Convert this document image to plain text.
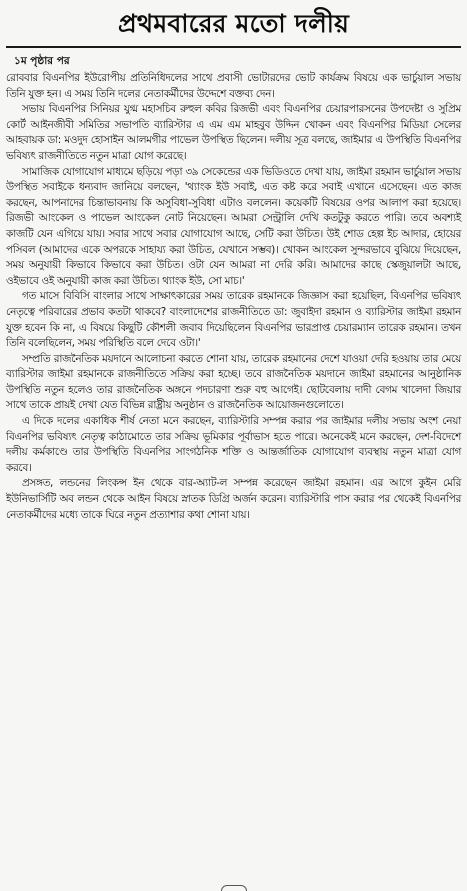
প্রথমবারের মতো দলীয়
১ম পৃষ্ঠার পর

রোববার বিএনপির ইউরোপীয় প্রতিনিধিদলের সাথে প্রবাসী ভোটারদের ভোট কার্যক্রম বিষয়ে এক ভার্চুয়াল সভায় তিনি যুক্ত হন। এ সময় তিনি দলের নেতাকর্মীদের উদ্দেশে বক্তব্য দেন।

সভায় বিএনপির সিনিয়র যুগ্ম মহাসচিব রুহুল কবির রিজভী এবং বিএনপির চেয়ারপারসনের উপদেষ্টা ও সুপ্রিম কোর্ট আইনজীবী সমিতির সভাপতি ব্যারিস্টার এ এম এম মাহবুব উদ্দিন খোকন এবং বিএনপির মিডিয়া সেলের আহবায়ক ডা: মওদুদ হোসাইন আলমগীর পাভেল উপস্থিত ছিলেন। দলীয় সূত্র বলছে, জাইমার এ উপস্থিতি বিএনপির ভবিষ্যৎ রাজনীতিতে নতুন মাত্রা যোগ করেছে।

সামাজিক যোগাযোগ মাধ্যমে ছড়িয়ে পড়া ৩৯ সেকেন্ডের এক ভিডিওতে দেখা যায়, জাইমা রহমান ভার্চুয়াল সভায় উপস্থিত সবাইকে ধন্যবাদ জানিয়ে বলছেন, 'থ্যাংক ইউ সবাই, এত কষ্ট করে সবাই এখানে এসেছেন। এত কাজ করছেন, আপনাদের চিন্তাভাবনায় কি অসুবিধা-সুবিধা এটাও বললেন। কয়েকটি বিষয়ের ওপর আলাপ করা হয়েছে। রিজভী আংকেল ও পাভেল আংকেল নোট নিয়েছেন। আমরা সেন্ট্রালি দেখি কতটুকু করতে পারি। তবে অবশ্যই কাজটি যেন এগিয়ে যায়। সবার সাথে সবার যোগাযোগ আছে, সেটি করা উচিত। উই শোড হেল্প ইচ আদার, হোয়ের পসিবল (আমাদের একে অপরকে সাহায্য করা উচিত, যেখানে সম্ভব)। খোকন আংকেল সুন্দরভাবে বুঝিয়ে দিয়েছেন, সময় অনুযায়ী কিভাবে কিভাবে করা উচিত। ওটা যেন আমরা না দেরি করি। আমাদের কাছে স্কেজুয়ালটা আছে, ওইভাবে ওই অনুযায়ী কাজ করা উচিত। থ্যাংক ইউ, সো মাচ।'

গত মাসে বিবিসি বাংলার সাথে সাক্ষাৎকারের সময় তারেক রহমানকে জিজ্ঞাস করা হয়েছিল, বিএনপির ভবিষ্যৎ নেতৃত্বে পরিবারের প্রভাব কতটা থাকবে? বাংলাদেশের রাজনীতিতে ডা: জুবাইদা রহমান ও ব্যারিস্টার জাইমা রহমান যুক্ত হবেন কি না, এ বিষয়ে কিছুটি কৌশলী জবাব দিয়েছিলেন বিএনপির ভারপ্রাপ্ত চেয়ারম্যান তারেক রহমান। তখন তিনি বলেছিলেন, সময় পরিস্থিতি বলে দেবে ওটা।'

সম্প্রতি রাজনৈতিক ময়দানে আলোচনা করতে শোনা যায়, তারেক রহমানের দেশে যাওয়া দেরি হওয়ায় তার মেয়ে ব্যারিস্টার জাইমা রহমানকে রাজনীতিতে সক্রিয় করা হচ্ছে। তবে রাজনৈতিক ময়দানে জাইমা রহমানের আনুষ্ঠানিক উপস্থিতি নতুন হলেও তার রাজনৈতিক অঙ্গনে পদচারণা শুরু বহু আগেই। ছোটবেলায় দাদী বেগম খালেদা জিয়ার সাথে তাকে প্রায়ই দেখা যেত বিভিন্ন রাষ্ট্রীয় অনুষ্ঠান ও রাজনৈতিক আয়োজনগুলোতে।

এ দিকে দলের একাধিক শীর্ষ নেতা মনে করছেন, ব্যারিস্টারি সম্পন্ন করার পর জাইমার দলীয় সভায় অংশ নেয়া বিএনপির ভবিষ্যৎ নেতৃত্ব কাঠামোতে তার সক্রিয় ভূমিকার পূর্বাভাস হতে পারে। অনেকেই মনে করছেন, দেশ-বিদেশে দলীয় কর্মকাণ্ডে তার উপস্থিতি বিএনপির সাংগঠনিক শক্তি ও আন্তর্জাতিক যোগাযোগ ব্যবস্থায় নতুন মাত্রা যোগ করবে।

প্রসঙ্গত, লন্ডনের লিংকন্স ইন থেকে বার-অ্যাট-ল সম্পন্ন করেছেন জাইমা রহমান। এর আগে কুইন মেরি ইউনিভার্সিটি অব লন্ডন থেকে আইন বিষয়ে স্নাতক ডিগ্রি অর্জন করেন। ব্যারিস্টারি পাস করার পর থেকেই বিএনপির নেতাকর্মীদের মধ্যে তাকে ঘিরে নতুন প্রত্যাশার কথা শোনা যায়।
